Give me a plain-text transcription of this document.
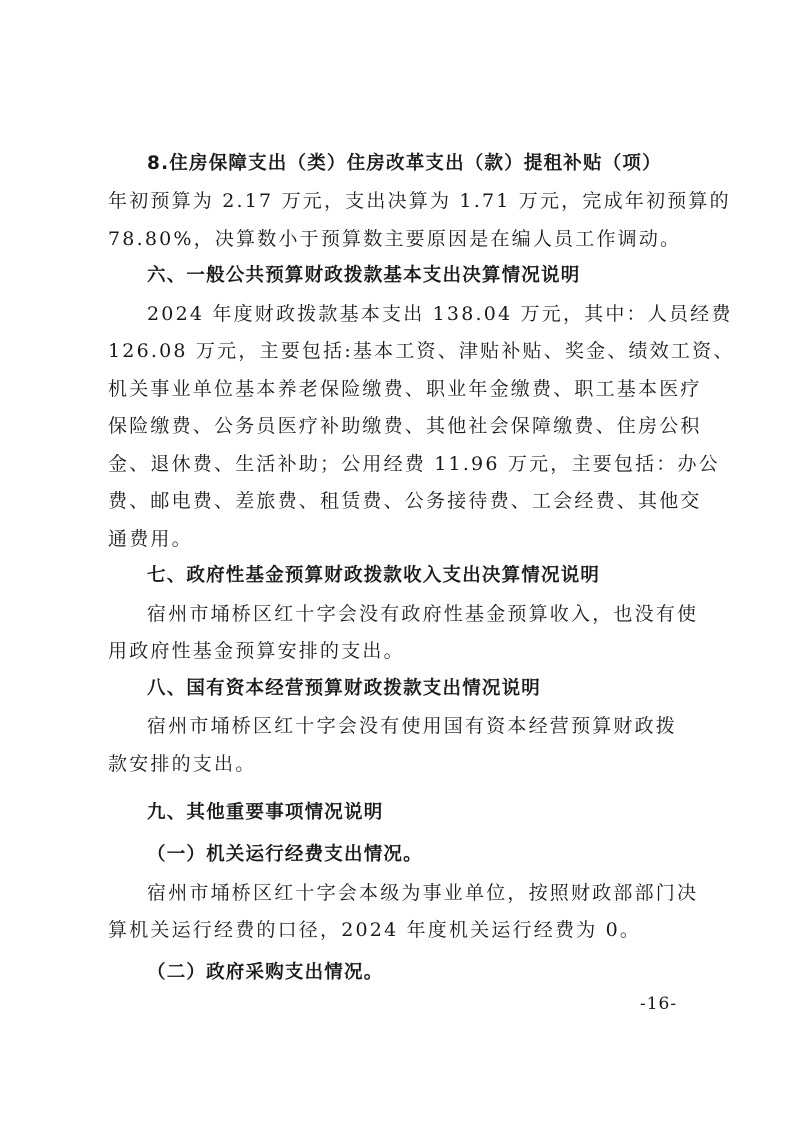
8.住房保障支出（类）住房改革支出（款）提租补贴（项）
年初预算为 2.17 万元，支出决算为 1.71 万元，完成年初预算的
78.80%，决算数小于预算数主要原因是在编人员工作调动。
六、一般公共预算财政拨款基本支出决算情况说明
2024 年度财政拨款基本支出 138.04 万元，其中：人员经费
126.08 万元，主要包括:基本工资、津贴补贴、奖金、绩效工资、
机关事业单位基本养老保险缴费、职业年金缴费、职工基本医疗
保险缴费、公务员医疗补助缴费、其他社会保障缴费、住房公积
金、退休费、生活补助；公用经费 11.96 万元，主要包括：办公
费、邮电费、差旅费、租赁费、公务接待费、工会经费、其他交
通费用。
七、政府性基金预算财政拨款收入支出决算情况说明
宿州市埇桥区红十字会没有政府性基金预算收入，也没有使
用政府性基金预算安排的支出。
八、国有资本经营预算财政拨款支出情况说明
宿州市埇桥区红十字会没有使用国有资本经营预算财政拨
款安排的支出。
九、其他重要事项情况说明
（一）机关运行经费支出情况。
宿州市埇桥区红十字会本级为事业单位，按照财政部部门决
算机关运行经费的口径，2024 年度机关运行经费为 0。
（二）政府采购支出情况。
-16-
